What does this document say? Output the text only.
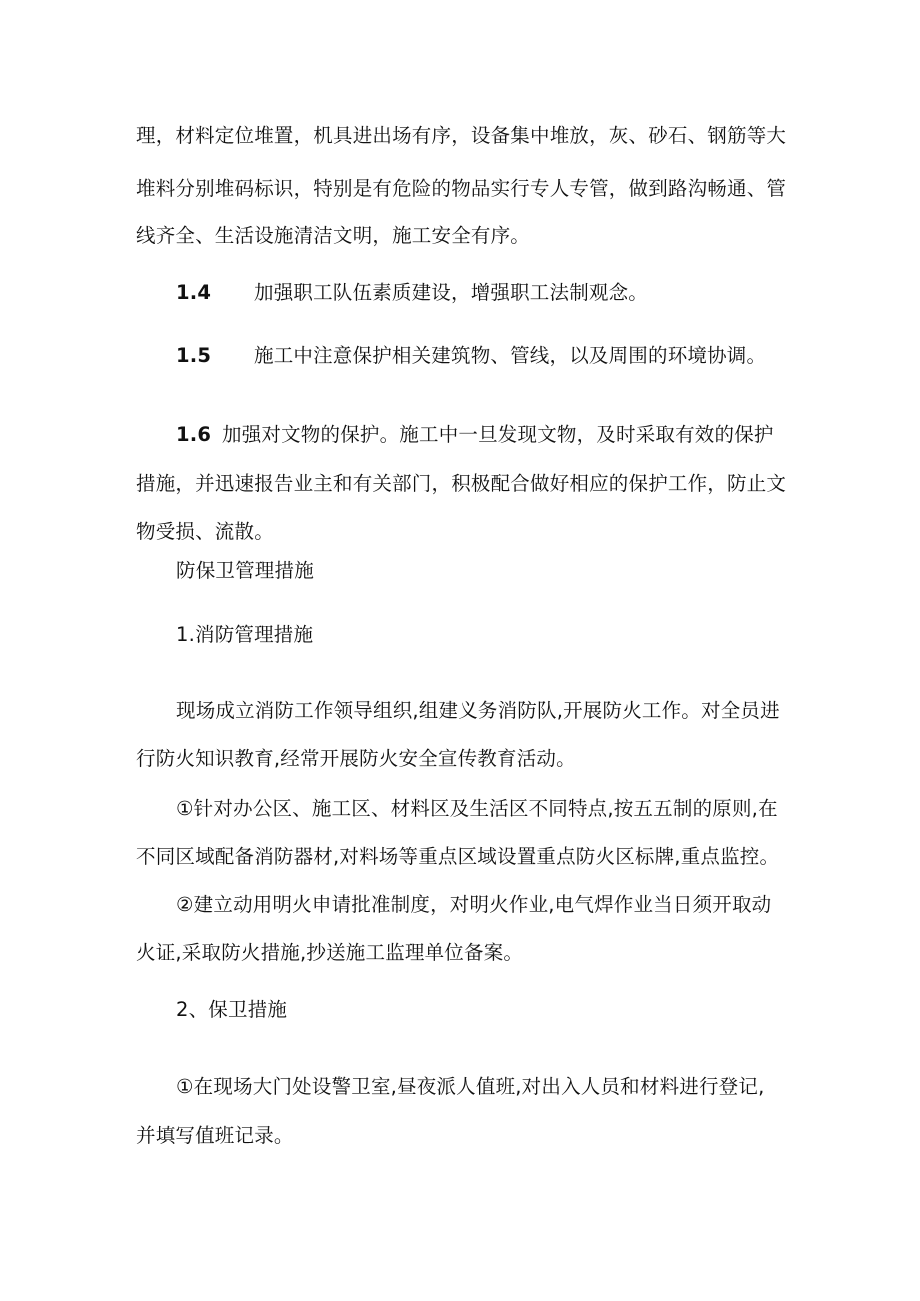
理，材料定位堆置，机具进出场有序，设备集中堆放，灰、砂石、钢筋等大
堆料分别堆码标识，特别是有危险的物品实行专人专管，做到路沟畅通、管
线齐全、生活设施清洁文明，施工安全有序。
1.4 加强职工队伍素质建设，增强职工法制观念。
1.5 施工中注意保护相关建筑物、管线，以及周围的环境协调。
1.6 加强对文物的保护。施工中一旦发现文物，及时采取有效的保护
措施，并迅速报告业主和有关部门，积极配合做好相应的保护工作，防止文
物受损、流散。
防保卫管理措施
1.消防管理措施
现场成立消防工作领导组织,组建义务消防队,开展防火工作。对全员进
行防火知识教育,经常开展防火安全宣传教育活动。
①针对办公区、施工区、材料区及生活区不同特点,按五五制的原则,在
不同区域配备消防器材,对料场等重点区域设置重点防火区标牌,重点监控。
②建立动用明火申请批准制度，对明火作业,电气焊作业当日须开取动
火证,采取防火措施,抄送施工监理单位备案。
2、保卫措施
①在现场大门处设警卫室,昼夜派人值班,对出入人员和材料进行登记,
并填写值班记录。
